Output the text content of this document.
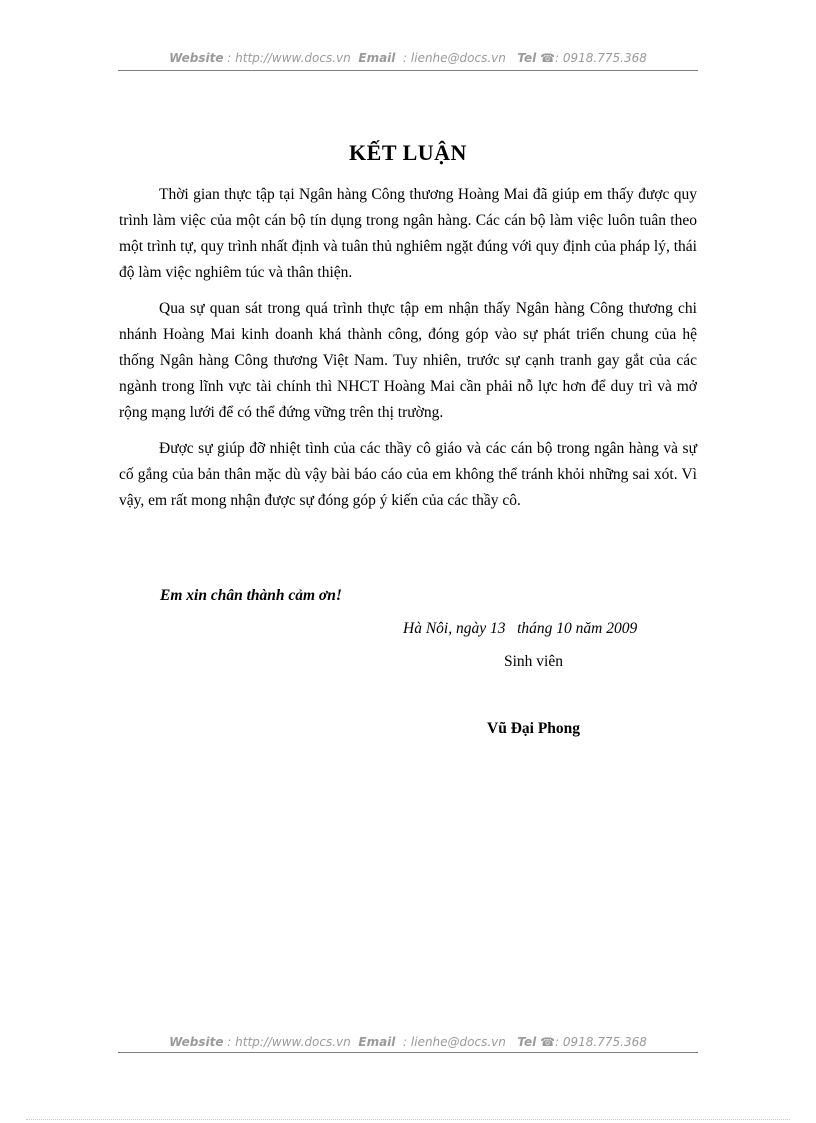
Website : http://www.docs.vn Email : lienhe@docs.vn Tel ☎: 0918.775.368
KẾT LUẬN

Thời gian thực tập tại Ngân hàng Công thương Hoàng Mai đã giúp em thấy được quy trình làm việc của một cán bộ tín dụng trong ngân hàng. Các cán bộ làm việc luôn tuân theo một trình tự, quy trình nhất định và tuân thủ nghiêm ngặt đúng với quy định của pháp lý, thái độ làm việc nghiêm túc và thân thiện.

Qua sự quan sát trong quá trình thực tập em nhận thấy Ngân hàng Công thương chi nhánh Hoàng Mai kinh doanh khá thành công, đóng góp vào sự phát triển chung của hệ thống Ngân hàng Công thương Việt Nam. Tuy nhiên, trước sự cạnh tranh gay gắt của các ngành trong lĩnh vực tài chính thì NHCT Hoàng Mai cần phải nỗ lực hơn để duy trì và mở rộng mạng lưới để có thể đứng vững trên thị trường.

Được sự giúp đỡ nhiệt tình của các thầy cô giáo và các cán bộ trong ngân hàng và sự cố gắng của bản thân mặc dù vậy bài báo cáo của em không thể tránh khỏi những sai xót. Vì vậy, em rất mong nhận được sự đóng góp ý kiến của các thầy cô.

Em xin chân thành cảm ơn!
Hà Nôi, ngày 13   tháng 10 năm 2009
Sinh viên
Vũ Đại Phong
Website : http://www.docs.vn Email : lienhe@docs.vn Tel ☎: 0918.775.368
